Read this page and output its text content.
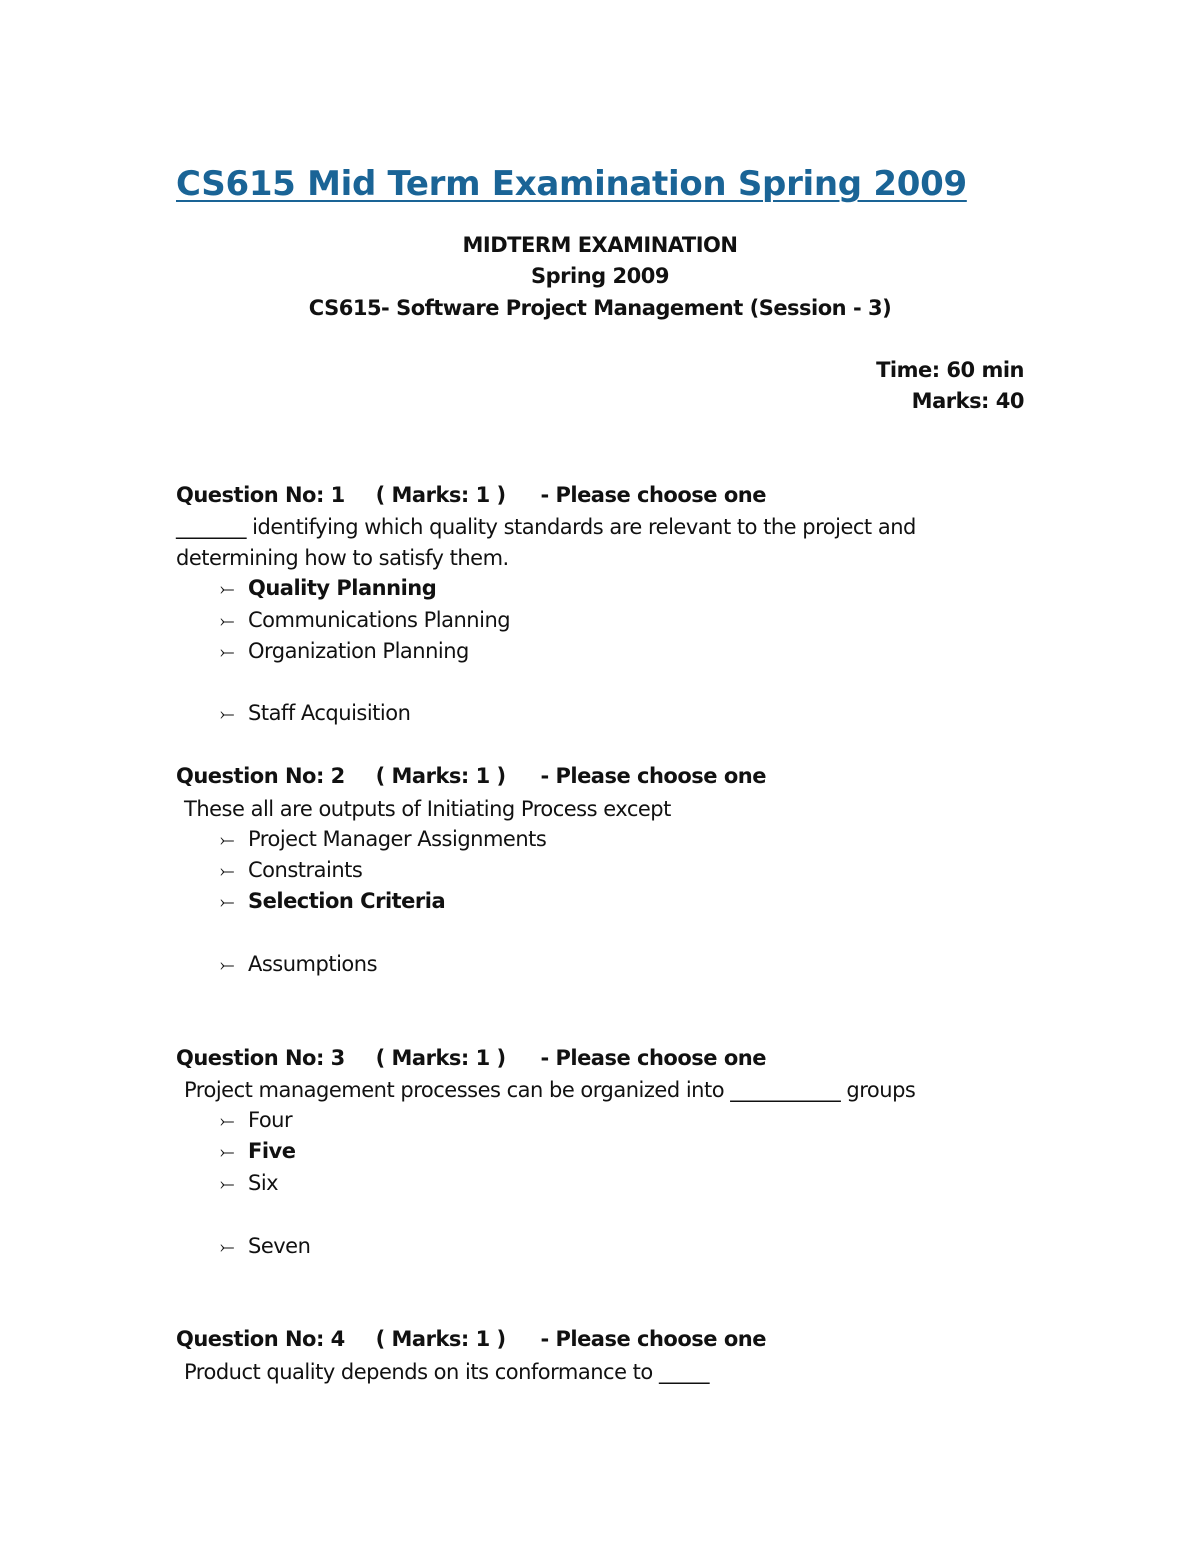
CS615 Mid Term Examination Spring 2009
MIDTERM EXAMINATION
Spring 2009
CS615- Software Project Management (Session - 3)
Time: 60 min
Marks: 40
Question No: 1 ( Marks: 1 ) - Please choose one
_______ identifying which quality standards are relevant to the project and determining how to satisfy them.
⤚ Quality Planning
⤚ Communications Planning
⤚ Organization Planning
⤚ Staff Acquisition
Question No: 2 ( Marks: 1 ) - Please choose one
These all are outputs of Initiating Process except
⤚ Project Manager Assignments
⤚ Constraints
⤚ Selection Criteria
⤚ Assumptions
Question No: 3 ( Marks: 1 ) - Please choose one
Project management processes can be organized into ___________ groups
⤚ Four
⤚ Five
⤚ Six
⤚ Seven
Question No: 4 ( Marks: 1 ) - Please choose one
Product quality depends on its conformance to _____
